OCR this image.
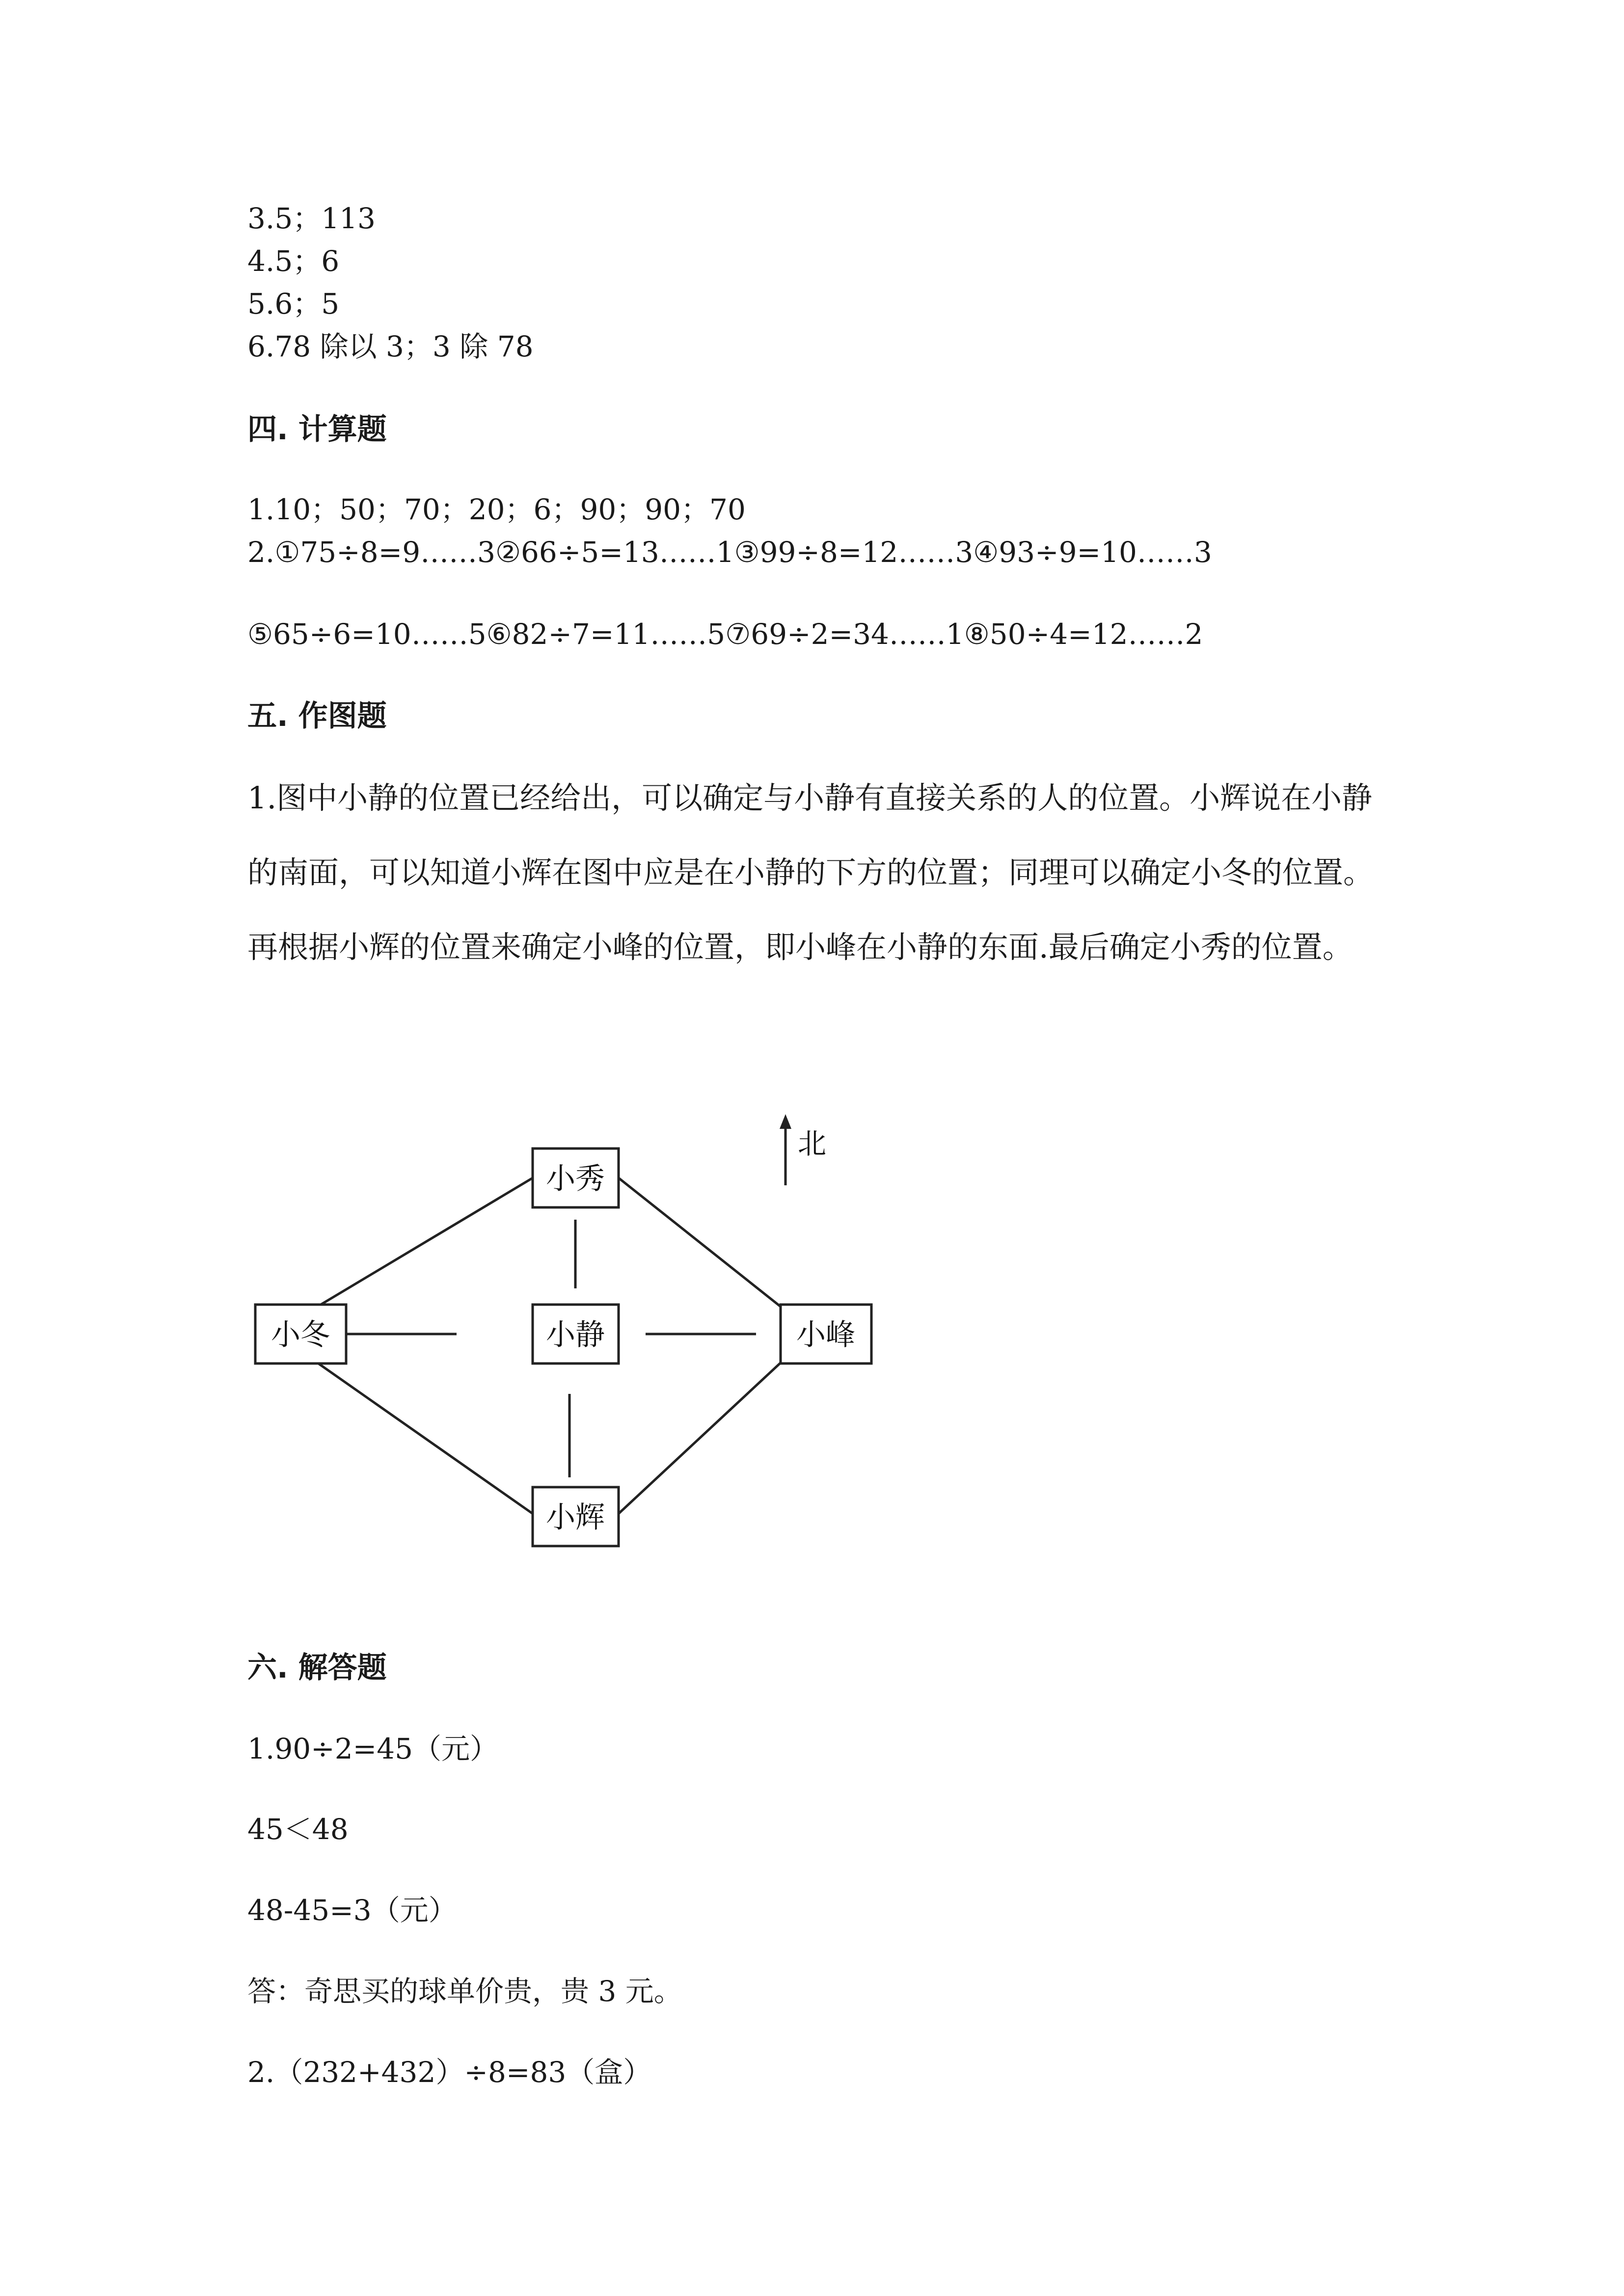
3.5；113
4.5；6
5.6；5
6.78 除以 3；3 除 78
四. 计算题
1.10；50；70；20；6；90；90；70
2.①75÷8=9……3②66÷5=13……1③99÷8=12……3④93÷9=10……3
⑤65÷6=10……5⑥82÷7=11……5⑦69÷2=34……1⑧50÷4=12……2
五. 作图题
1.图中小静的位置已经给出，可以确定与小静有直接关系的人的位置。小辉说在小静的南面，可以知道小辉在图中应是在小静的下方的位置；同理可以确定小冬的位置。再根据小辉的位置来确定小峰的位置，即小峰在小静的东面.最后确定小秀的位置。
小秀
小冬	小静	小峰
小辉
北
六. 解答题
1.90÷2=45（元）
45＜48
48-45=3（元）
答：奇思买的球单价贵，贵 3 元。
2.（232+432）÷8=83（盒）
